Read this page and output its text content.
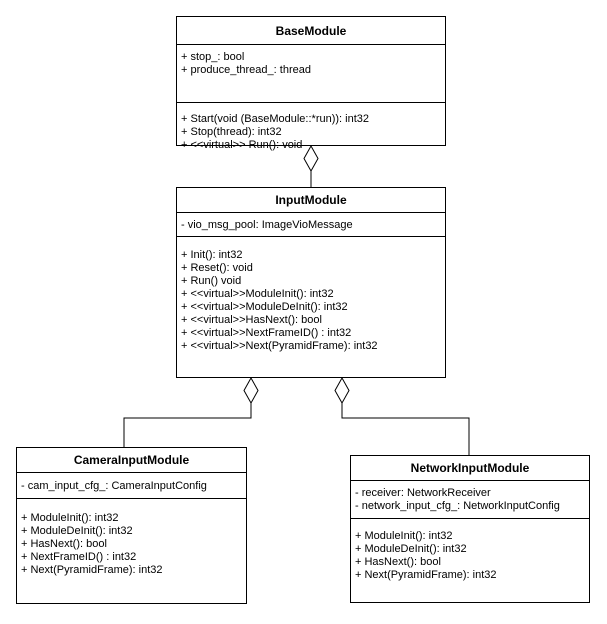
BaseModule
+ stop_: bool
+ produce_thread_: thread
+ Start(void (BaseModule::*run)): int32
+ Stop(thread): int32
+ <<virtual>> Run(): void
InputModule
- vio_msg_pool: ImageVioMessage
+ Init(): int32
+ Reset(): void
+ Run() void
+ <<virtual>>ModuleInit(): int32
+ <<virtual>>ModuleDeInit(): int32
+ <<virtual>>HasNext(): bool
+ <<virtual>>NextFrameID() : int32
+ <<virtual>>Next(PyramidFrame): int32
CameraInputModule
- cam_input_cfg_: CameraInputConfig
+ ModuleInit(): int32
+ ModuleDeInit(): int32
+ HasNext(): bool
+ NextFrameID() : int32
+ Next(PyramidFrame): int32
NetworkInputModule
- receiver: NetworkReceiver
- network_input_cfg_: NetworkInputConfig
+ ModuleInit(): int32
+ ModuleDeInit(): int32
+ HasNext(): bool
+ Next(PyramidFrame): int32
